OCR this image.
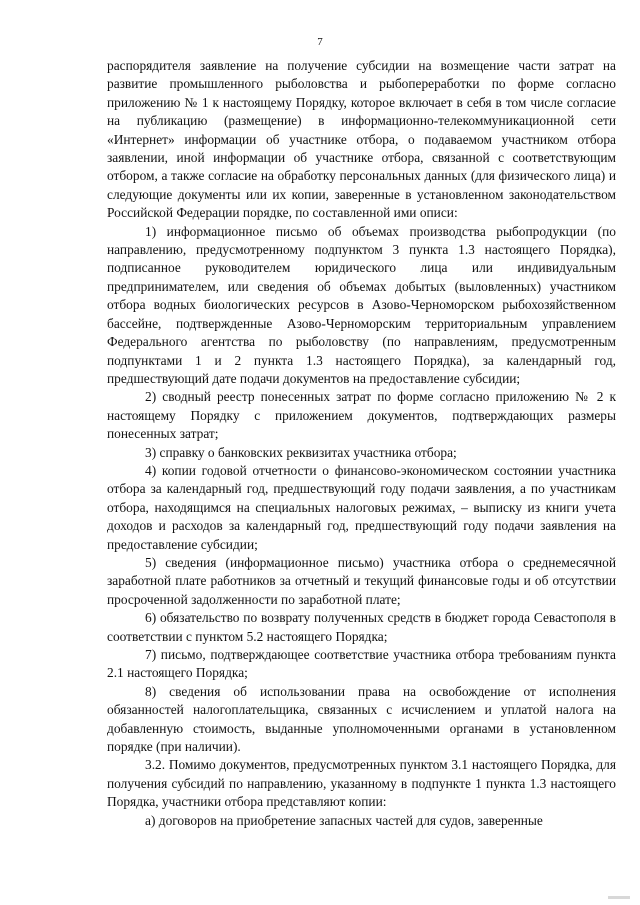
7

распорядителя заявление на получение субсидии на возмещение части затрат на развитие промышленного рыболовства и рыбопереработки по форме согласно приложению № 1 к настоящему Порядку, которое включает в себя в том числе согласие на публикацию (размещение) в информационно-телекоммуникационной сети «Интернет» информации об участнике отбора, о подаваемом участником отбора заявлении, иной информации об участнике отбора, связанной с соответствующим отбором, а также согласие на обработку персональных данных (для физического лица) и следующие документы или их копии, заверенные в установленном законодательством Российской Федерации порядке, по составленной ими описи:

1) информационное письмо об объемах производства рыбопродукции (по направлению, предусмотренному подпунктом 3 пункта 1.3 настоящего Порядка), подписанное руководителем юридического лица или индивидуальным предпринимателем, или сведения об объемах добытых (выловленных) участником отбора водных биологических ресурсов в Азово-Черноморском рыбохозяйственном бассейне, подтвержденные Азово-Черноморским территориальным управлением Федерального агентства по рыболовству (по направлениям, предусмотренным подпунктами 1 и 2 пункта 1.3 настоящего Порядка), за календарный год, предшествующий дате подачи документов на предоставление субсидии;

2) сводный реестр понесенных затрат по форме согласно приложению № 2 к настоящему Порядку с приложением документов, подтверждающих размеры понесенных затрат;

3) справку о банковских реквизитах участника отбора;

4) копии годовой отчетности о финансово-экономическом состоянии участника отбора за календарный год, предшествующий году подачи заявления, а по участникам отбора, находящимся на специальных налоговых режимах, – выписку из книги учета доходов и расходов за календарный год, предшествующий году подачи заявления на предоставление субсидии;

5) сведения (информационное письмо) участника отбора о среднемесячной заработной плате работников за отчетный и текущий финансовые годы и об отсутствии просроченной задолженности по заработной плате;

6) обязательство по возврату полученных средств в бюджет города Севастополя в соответствии с пунктом 5.2 настоящего Порядка;

7) письмо, подтверждающее соответствие участника отбора требованиям пункта 2.1 настоящего Порядка;

8) сведения об использовании права на освобождение от исполнения обязанностей налогоплательщика, связанных с исчислением и уплатой налога на добавленную стоимость, выданные уполномоченными органами в установленном порядке (при наличии).

3.2. Помимо документов, предусмотренных пунктом 3.1 настоящего Порядка, для получения субсидий по направлению, указанному в подпункте 1 пункта 1.3 настоящего Порядка, участники отбора представляют копии:

а) договоров на приобретение запасных частей для судов, заверенные
